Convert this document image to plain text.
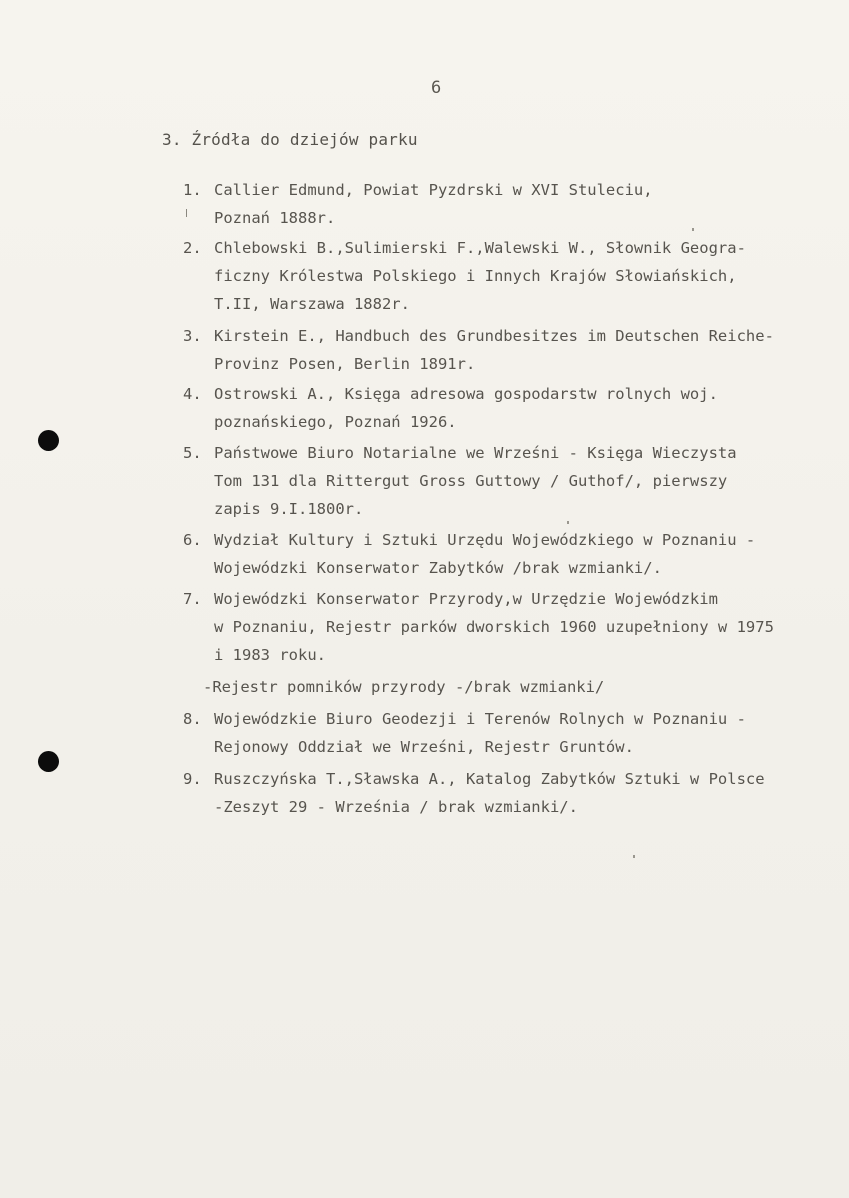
6
3. Źródła do dziejów parku
1. Callier Edmund, Powiat Pyzdrski w XVI Stuleciu,
Poznań 1888r.
2. Chlebowski B.,Sulimierski F.,Walewski W., Słownik Geogra-
ficzny Królestwa Polskiego i Innych Krajów Słowiańskich,
T.II, Warszawa 1882r.
3. Kirstein E., Handbuch des Grundbesitzes im Deutschen Reiche-
Provinz Posen, Berlin 1891r.
4. Ostrowski A., Księga adresowa gospodarstw rolnych woj.
poznańskiego, Poznań 1926.
5. Państwowe Biuro Notarialne we Wrześni - Księga Wieczysta
Tom 131 dla Rittergut Gross Guttowy / Guthof/, pierwszy
zapis 9.I.1800r.
6. Wydział Kultury i Sztuki Urzędu Wojewódzkiego w Poznaniu -
Wojewódzki Konserwator Zabytków /brak wzmianki/.
7. Wojewódzki Konserwator Przyrody,w Urzędzie Wojewódzkim
w Poznaniu, Rejestr parków dworskich 1960 uzupełniony w 1975
i 1983 roku.
-Rejestr pomników przyrody -/brak wzmianki/
8. Wojewódzkie Biuro Geodezji i Terenów Rolnych w Poznaniu -
Rejonowy Oddział we Wrześni, Rejestr Gruntów.
9. Ruszczyńska T.,Sławska A., Katalog Zabytków Sztuki w Polsce
-Zeszyt 29 - Września / brak wzmianki/.
